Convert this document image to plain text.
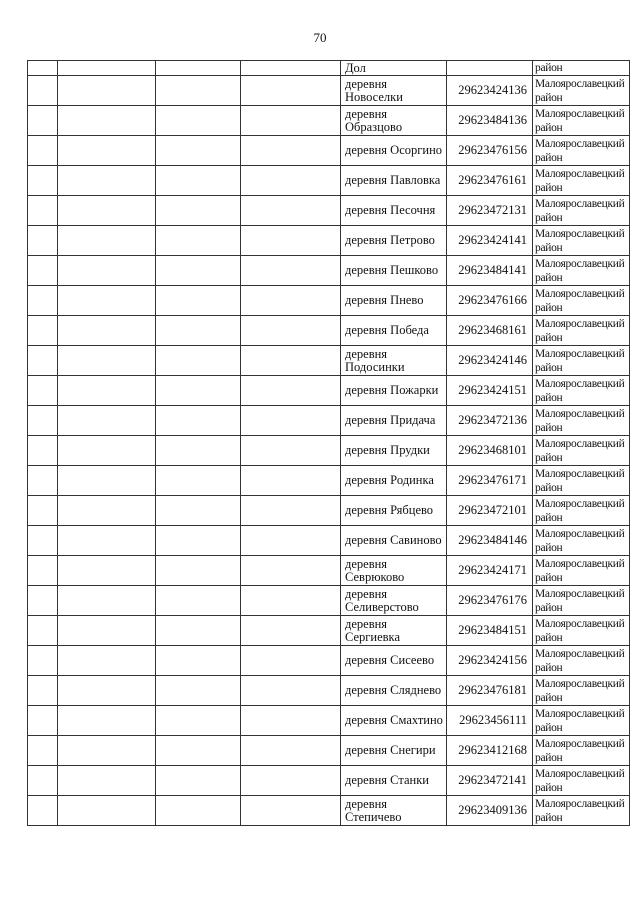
70
				Дол		район
				деревня Новоселки	29623424136	Малоярославецкий район
				деревня Образцово	29623484136	Малоярославецкий район
				деревня Осоргино	29623476156	Малоярославецкий район
				деревня Павловка	29623476161	Малоярославецкий район
				деревня Песочня	29623472131	Малоярославецкий район
				деревня Петрово	29623424141	Малоярославецкий район
				деревня Пешково	29623484141	Малоярославецкий район
				деревня Пнево	29623476166	Малоярославецкий район
				деревня Победа	29623468161	Малоярославецкий район
				деревня Подосинки	29623424146	Малоярославецкий район
				деревня Пожарки	29623424151	Малоярославецкий район
				деревня Придача	29623472136	Малоярославецкий район
				деревня Прудки	29623468101	Малоярославецкий район
				деревня Родинка	29623476171	Малоярославецкий район
				деревня Рябцево	29623472101	Малоярославецкий район
				деревня Савиново	29623484146	Малоярославецкий район
				деревня Севрюково	29623424171	Малоярославецкий район
				деревня Селиверстово	29623476176	Малоярославецкий район
				деревня Сергиевка	29623484151	Малоярославецкий район
				деревня Сисеево	29623424156	Малоярославецкий район
				деревня Сляднево	29623476181	Малоярославецкий район
				деревня Смахтино	29623456111	Малоярославецкий район
				деревня Снегири	29623412168	Малоярославецкий район
				деревня Станки	29623472141	Малоярославецкий район
				деревня Степичево	29623409136	Малоярославецкий район
